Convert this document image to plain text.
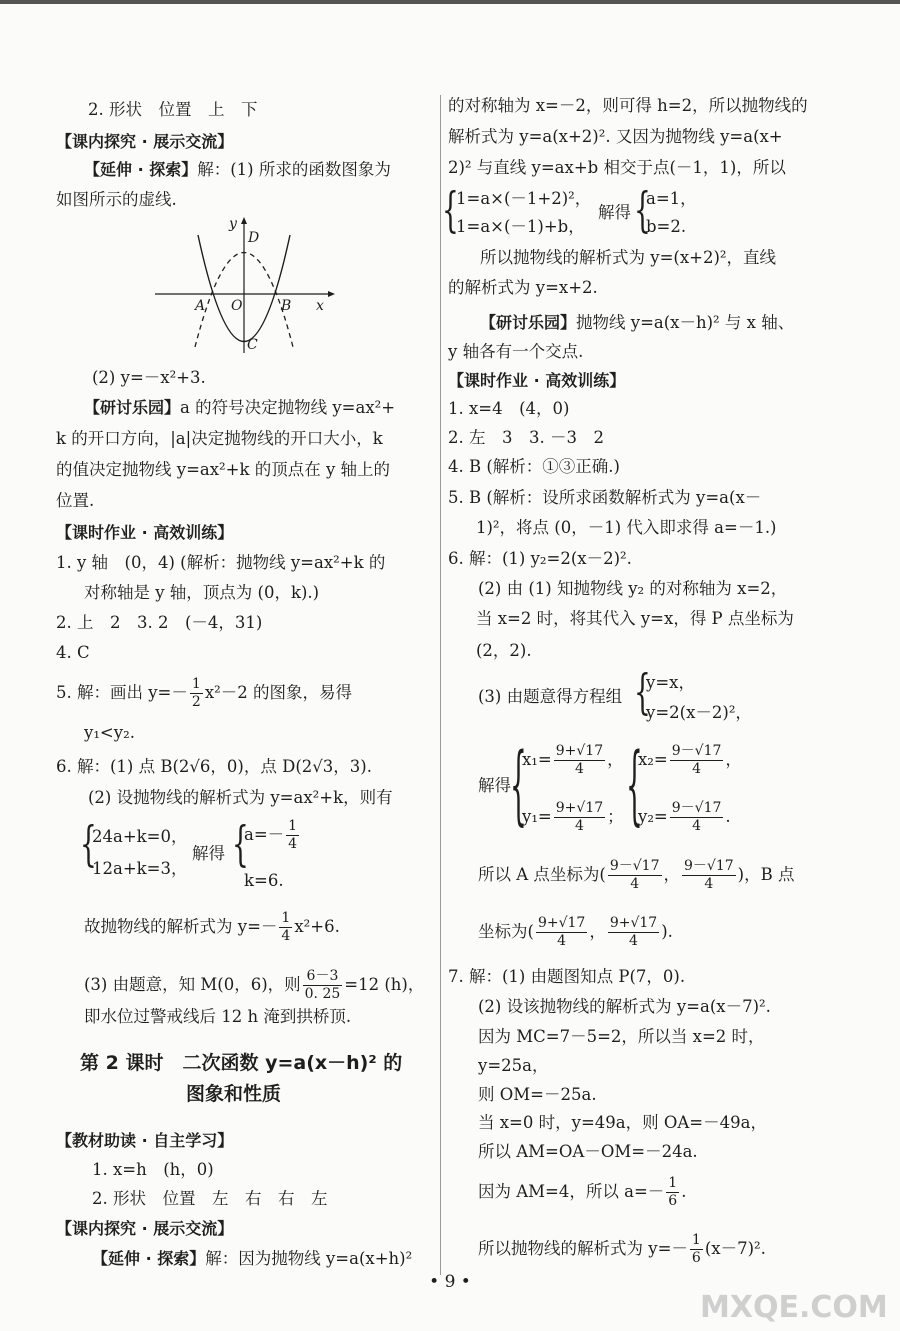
2. 形状　位置　上　下
【课内探究 · 展示交流】
【延伸 · 探索】解：(1) 所求的函数图象为
如图所示的虚线.
y
D
A O	B x
C
(2) y=－x²+3.
【研讨乐园】a 的符号决定抛物线 y=ax²+
k 的开口方向，|a|决定抛物线的开口大小，k
的值决定抛物线 y=ax²+k 的顶点在 y 轴上的
位置.
【课时作业 · 高效训练】
1. y 轴　(0，4) (解析：抛物线 y=ax²+k 的
对称轴是 y 轴，顶点为 (0，k).)
2. 上　2　3. 2　(－4，31)
4. C
5. 解：画出 $y=- \frac{1}{2} x^2-2$ 的图象，易得
y₁<y₂.
6. 解：(1) 点 B(2√6，0)，点 D(2√3，3).
(2) 设抛物线的解析式为 y=ax²+k，则有
{
24a+k=0，
12a+k=3，
解得 {
$a=- \frac{1}{4}$
k=6.
故抛物线的解析式为 $y=- \frac{1}{4} x^2+6$.
(3) 由题意，知 M(0，6)，则 $\frac{6-3}{0. 25} =12$ (h)，
即水位过警戒线后 12 h 淹到拱桥顶.
第 2 课时　二次函数 y=a(x－h)² 的
图象和性质
【教材助读 · 自主学习】
1. x=h　(h，0)
2. 形状　位置　左　右　右　左
【课内探究 · 展示交流】
【延伸 · 探索】解：因为抛物线 y=a(x+h)²
的对称轴为 x=－2，则可得 h=2，所以抛物线的
解析式为 y=a(x+2)². 又因为抛物线 y=a(x+
2)² 与直线 y=ax+b 相交于点(－1，1)，所以
{
1=a×(－1+2)²，
1=a×(－1)+b，
解得 {
a=1，
b=2.
所以抛物线的解析式为 y=(x+2)²，直线
的解析式为 y=x+2.
【研讨乐园】抛物线 y=a(x－h)² 与 x 轴、
y 轴各有一个交点.
【课时作业 · 高效训练】
1. x=4　(4，0)
2. 左　3　3. －3　2
4. B (解析：①③正确.)
5. B (解析：设所求函数解析式为 y=a(x－
1)²，将点 (0，－1) 代入即求得 a=－1.)
6. 解：(1) y₂=2(x－2)².
(2) 由 (1) 知抛物线 y₂ 的对称轴为 x=2，
当 x=2 时，将其代入 y=x，得 P 点坐标为
(2，2).
(3) 由题意得方程组 {
y=x，
y=2(x－2)²，
解得 {
$x_1= \frac{9+√17}{4}$ ， {
$x_2= \frac{9-√17}{4}$ ，
$y_1= \frac{9+√17}{4}$ ； $y_2= \frac{9-√17}{4}$ .
所以 A 点坐标为( $\frac{9-√17}{4}$ ， $\frac{9-√17}{4}$ )，B 点
坐标为( $\frac{9+√17}{4}$ ， $\frac{9+√17}{4}$ ).
7. 解：(1) 由题图知点 P(7，0).
(2) 设该抛物线的解析式为 y=a(x－7)².
因为 MC=7－5=2，所以当 x=2 时，
y=25a，
则 OM=－25a.
当 x=0 时，y=49a，则 OA=－49a，
所以 AM=OA－OM=－24a.
因为 AM=4，所以 $a=- \frac{1}{6}$ .
所以抛物线的解析式为 $y=- \frac{1}{6} (x-7)^2$.
• 9 •
MXQE.COM
